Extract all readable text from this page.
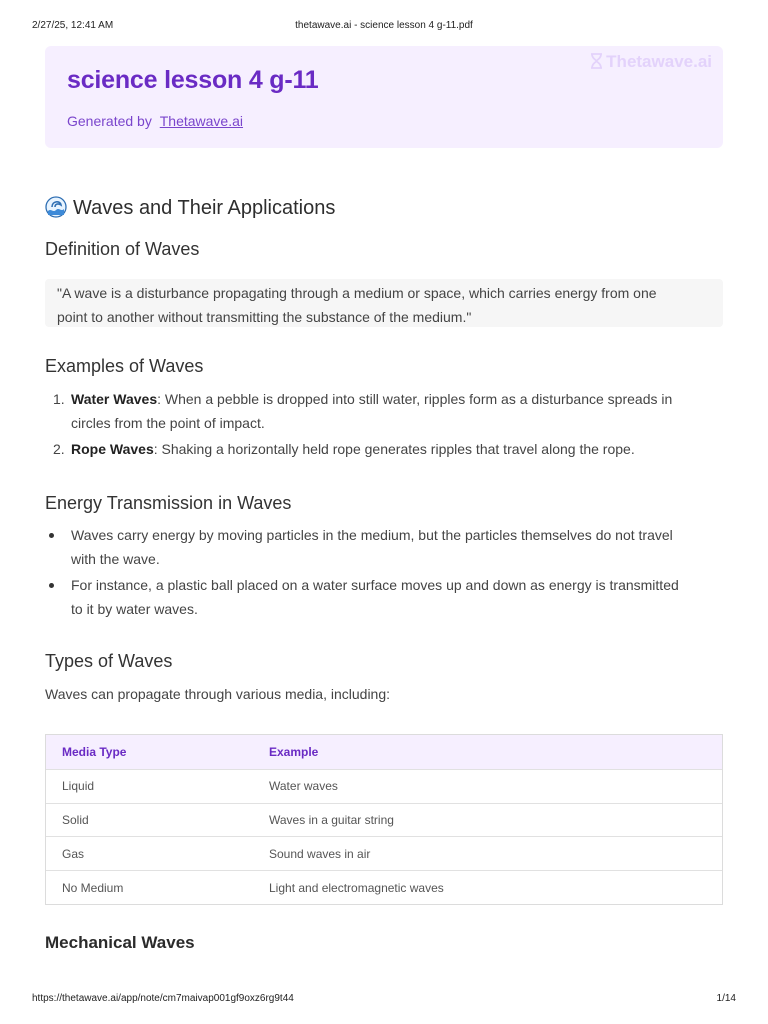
2/27/25, 12:41 AM	thetawave.ai - science lesson 4 g-11.pdf
science lesson 4 g-11
Generated by Thetawave.ai
Thetawave.ai
Waves and Their Applications
Definition of Waves
"A wave is a disturbance propagating through a medium or space, which carries energy from one
point to another without transmitting the substance of the medium."
Examples of Waves
1. Water Waves: When a pebble is dropped into still water, ripples form as a disturbance spreads in
circles from the point of impact.
2. Rope Waves: Shaking a horizontally held rope generates ripples that travel along the rope.
Energy Transmission in Waves
Waves carry energy by moving particles in the medium, but the particles themselves do not travel
with the wave.
For instance, a plastic ball placed on a water surface moves up and down as energy is transmitted
to it by water waves.
Types of Waves
Waves can propagate through various media, including:
Media Type	Example
Liquid	Water waves
Solid	Waves in a guitar string
Gas	Sound waves in air
No Medium	Light and electromagnetic waves
Mechanical Waves
https://thetawave.ai/app/note/cm7maivap001gf9oxz6rg9t44	1/14
